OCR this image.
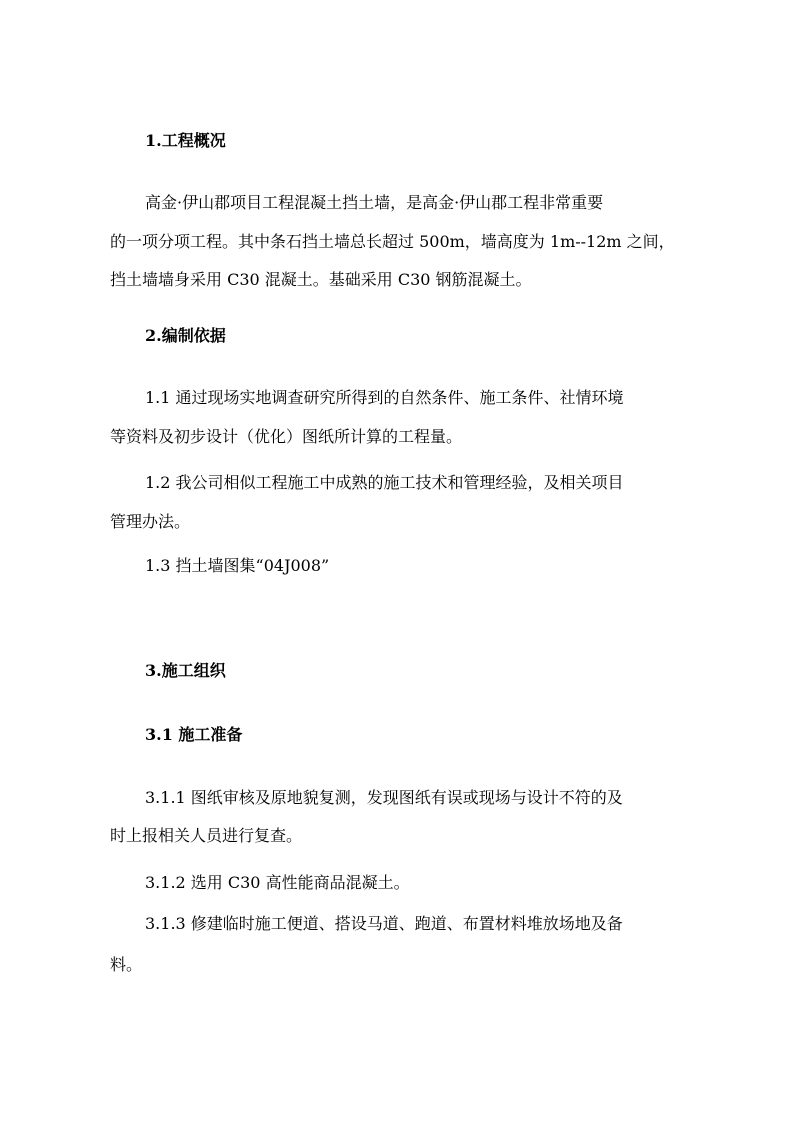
1.工程概况
高金·伊山郡项目工程混凝土挡土墙，是高金·伊山郡工程非常重要
的一项分项工程。其中条石挡土墙总长超过 500m，墙高度为 1m--12m 之间，
挡土墙墙身采用 C30 混凝土。基础采用 C30 钢筋混凝土。
2.编制依据
1.1 通过现场实地调查研究所得到的自然条件、施工条件、社情环境
等资料及初步设计（优化）图纸所计算的工程量。
1.2 我公司相似工程施工中成熟的施工技术和管理经验，及相关项目
管理办法。
1.3 挡土墙图集“04J008”
3.施工组织
3.1 施工准备
3.1.1 图纸审核及原地貌复测，发现图纸有误或现场与设计不符的及
时上报相关人员进行复查。
3.1.2 选用 C30 高性能商品混凝土。
3.1.3 修建临时施工便道、搭设马道、跑道、布置材料堆放场地及备
料。
